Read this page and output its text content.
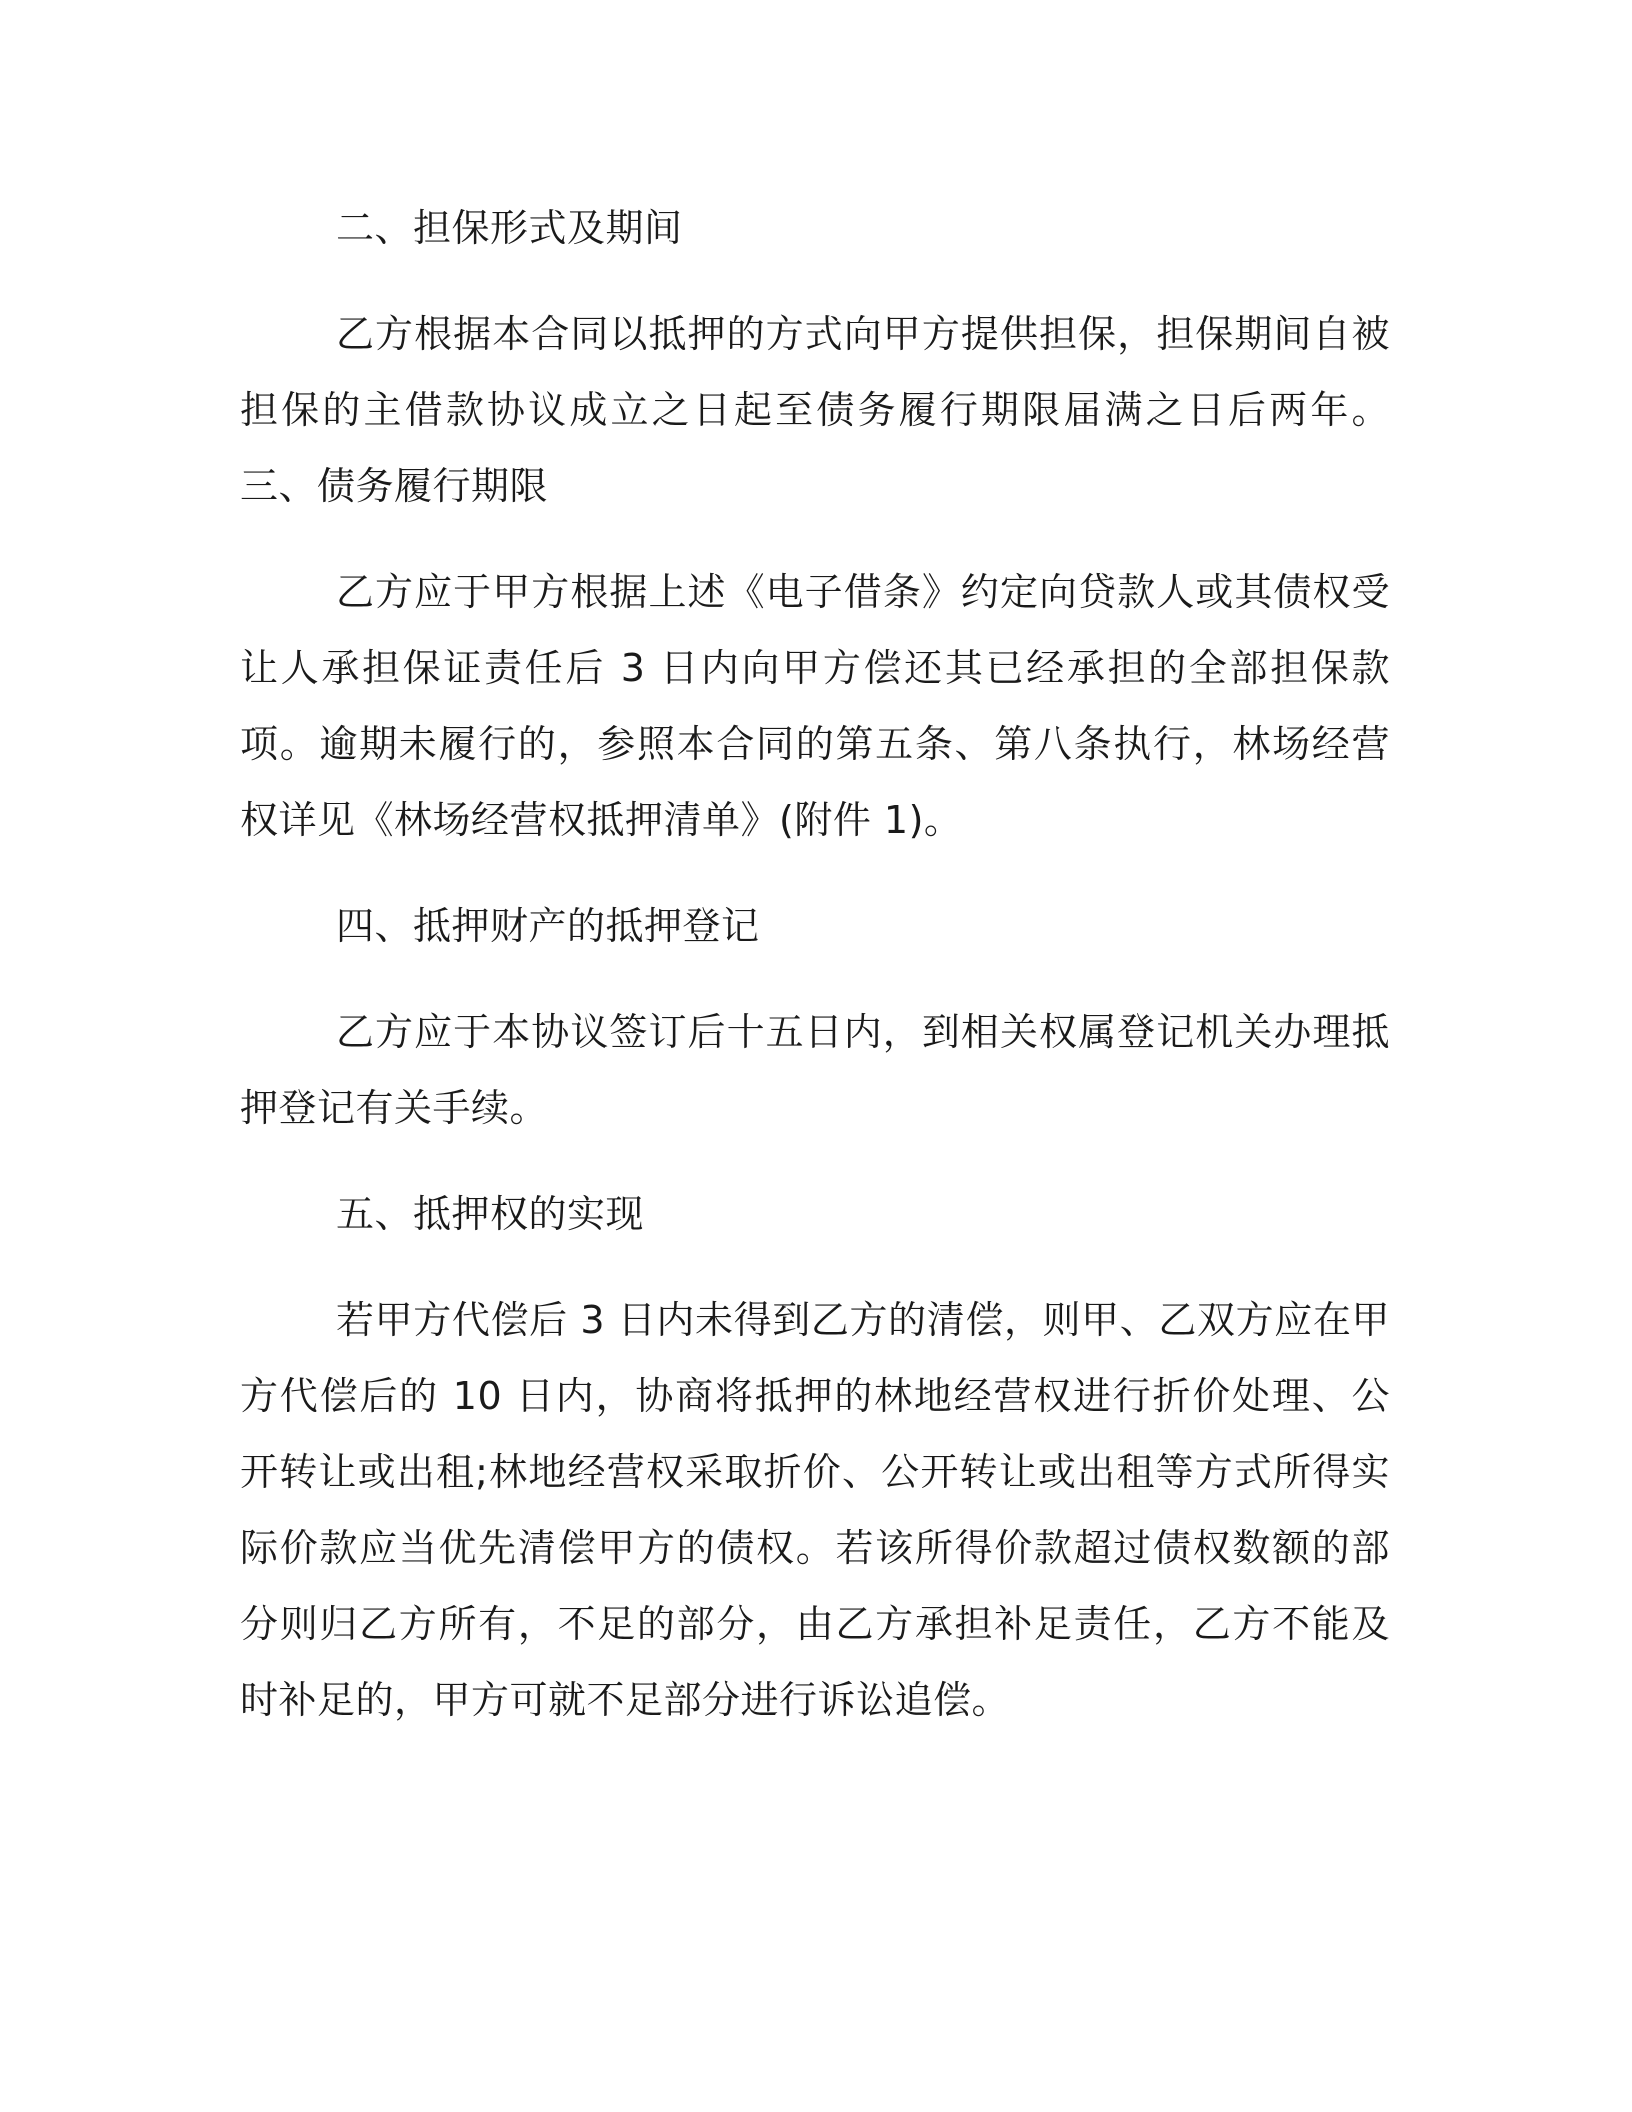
二、担保形式及期间

乙方根据本合同以抵押的方式向甲方提供担保，担保期间自被担保的主借款协议成立之日起至债务履行期限届满之日后两年。 三、债务履行期限

乙方应于甲方根据上述《电子借条》约定向贷款人或其债权受让人承担保证责任后 3 日内向甲方偿还其已经承担的全部担保款项。逾期未履行的，参照本合同的第五条、第八条执行，林场经营权详见《林场经营权抵押清单》(附件 1)。

四、抵押财产的抵押登记

乙方应于本协议签订后十五日内，到相关权属登记机关办理抵押登记有关手续。

五、抵押权的实现

若甲方代偿后 3 日内未得到乙方的清偿，则甲、乙双方应在甲方代偿后的 10 日内，协商将抵押的林地经营权进行折价处理、公开转让或出租;林地经营权采取折价、公开转让或出租等方式所得实际价款应当优先清偿甲方的债权。若该所得价款超过债权数额的部分则归乙方所有，不足的部分，由乙方承担补足责任，乙方不能及时补足的，甲方可就不足部分进行诉讼追偿。
